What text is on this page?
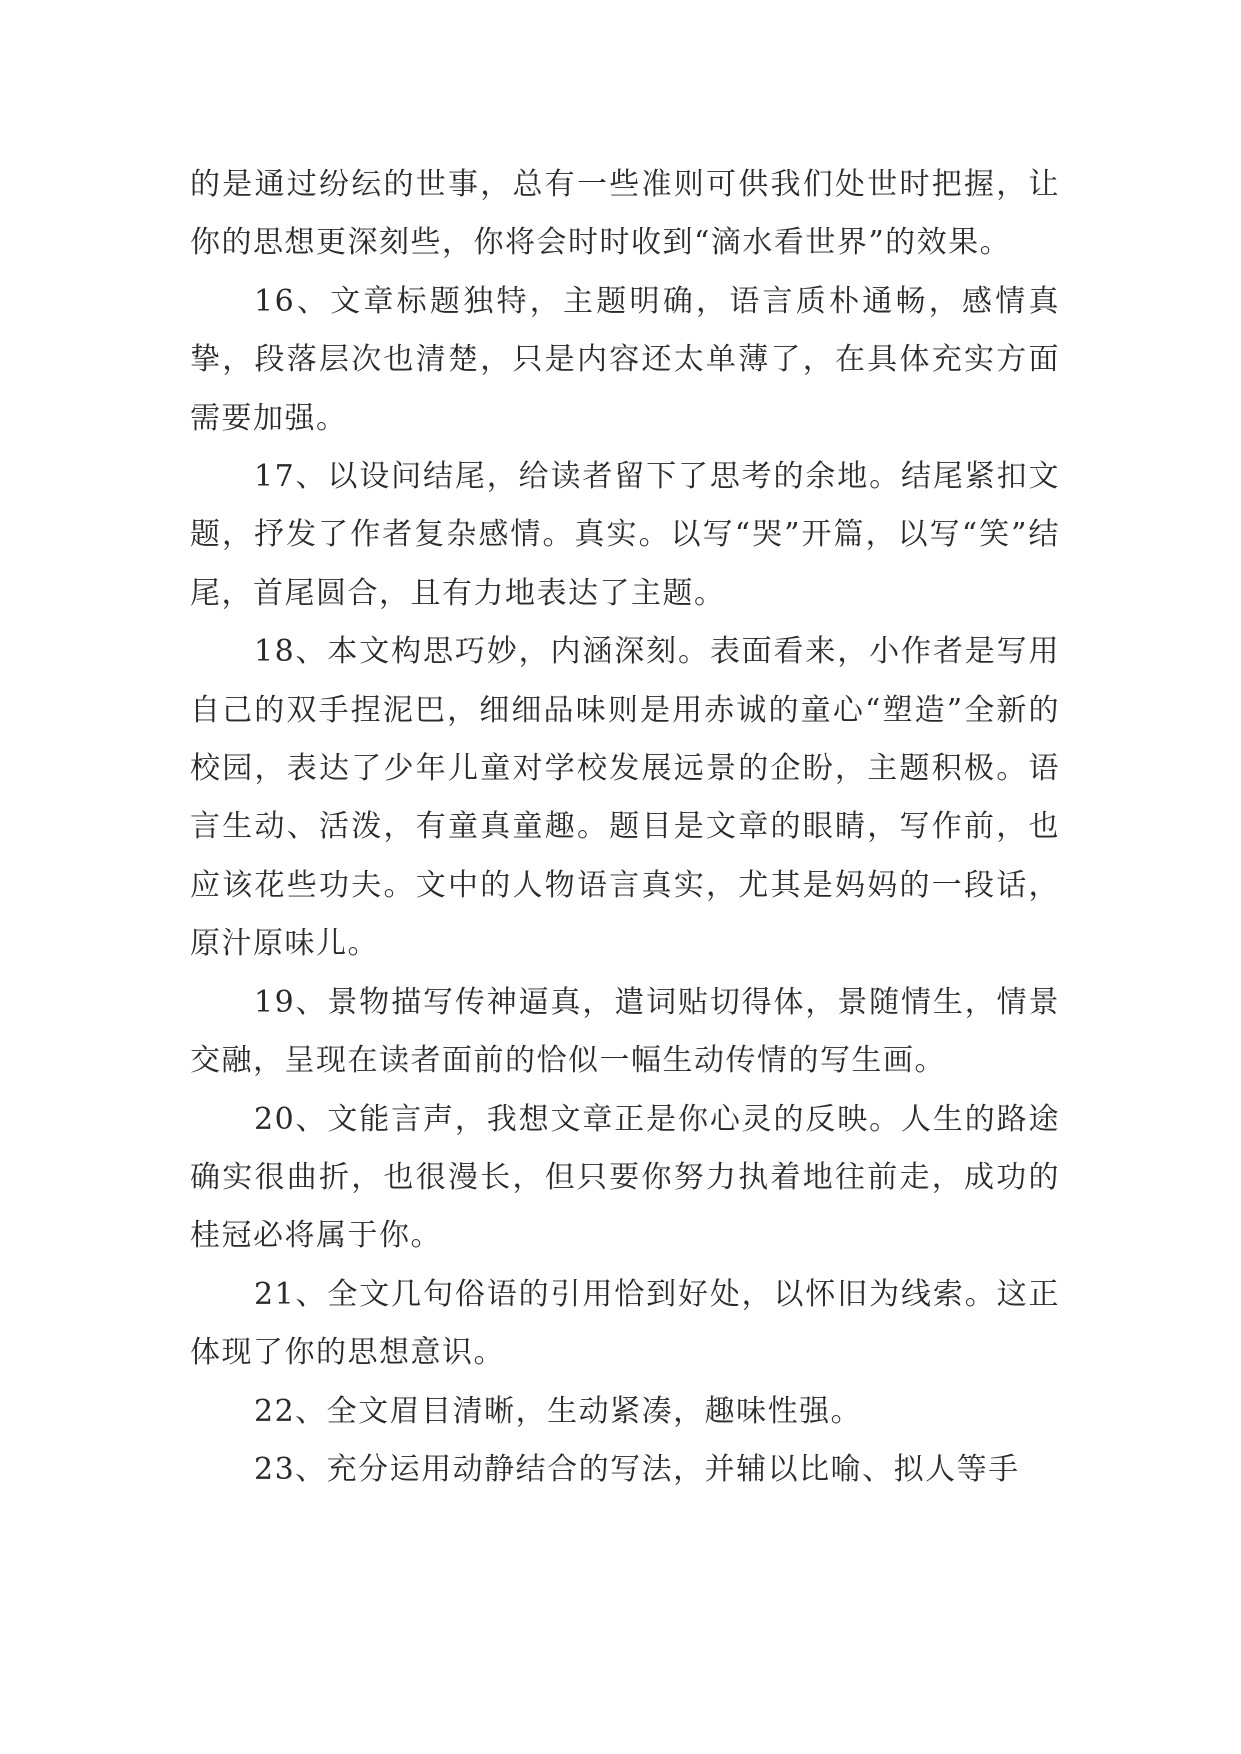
的是通过纷纭的世事，总有一些准则可供我们处世时把握，让你的思想更深刻些，你将会时时收到“滴水看世界”的效果。

16、文章标题独特，主题明确，语言质朴通畅，感情真挚，段落层次也清楚，只是内容还太单薄了，在具体充实方面需要加强。

17、以设问结尾，给读者留下了思考的余地。结尾紧扣文题，抒发了作者复杂感情。真实。以写“哭”开篇，以写“笑”结尾，首尾圆合，且有力地表达了主题。

18、本文构思巧妙，内涵深刻。表面看来，小作者是写用自己的双手捏泥巴，细细品味则是用赤诚的童心“塑造”全新的校园，表达了少年儿童对学校发展远景的企盼，主题积极。语言生动、活泼，有童真童趣。题目是文章的眼睛，写作前，也应该花些功夫。文中的人物语言真实，尤其是妈妈的一段话，原汁原味儿。

19、景物描写传神逼真，遣词贴切得体，景随情生，情景交融，呈现在读者面前的恰似一幅生动传情的写生画。

20、文能言声，我想文章正是你心灵的反映。人生的路途确实很曲折，也很漫长，但只要你努力执着地往前走，成功的桂冠必将属于你。

21、全文几句俗语的引用恰到好处，以怀旧为线索。这正体现了你的思想意识。

22、全文眉目清晰，生动紧凑，趣味性强。

23、充分运用动静结合的写法，并辅以比喻、拟人等手
